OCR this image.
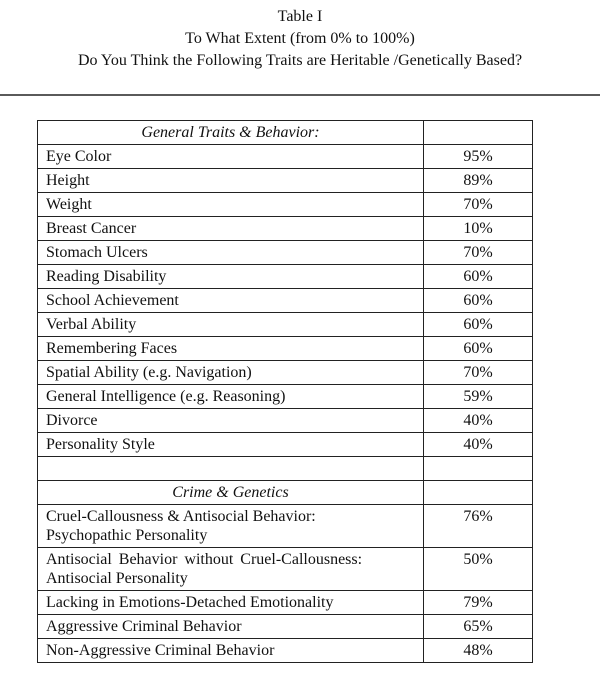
Table I
To What Extent (from 0% to 100%)
Do You Think the Following Traits are Heritable /Genetically Based?
General Traits & Behavior:	
Eye Color	95%
Height	89%
Weight	70%
Breast Cancer	10%
Stomach Ulcers	70%
Reading Disability	60%
School Achievement	60%
Verbal Ability	60%
Remembering Faces	60%
Spatial Ability (e.g. Navigation)	70%
General Intelligence (e.g. Reasoning)	59%
Divorce	40%
Personality Style	40%

Crime & Genetics	

Cruel-Callousness & Antisocial Behavior:
Psychopathic Personality	76%

Antisocial Behavior without Cruel-Callousness:
Antisocial Personality	50%
Lacking in Emotions-Detached Emotionality	79%
Aggressive Criminal Behavior	65%
Non-Aggressive Criminal Behavior	48%
